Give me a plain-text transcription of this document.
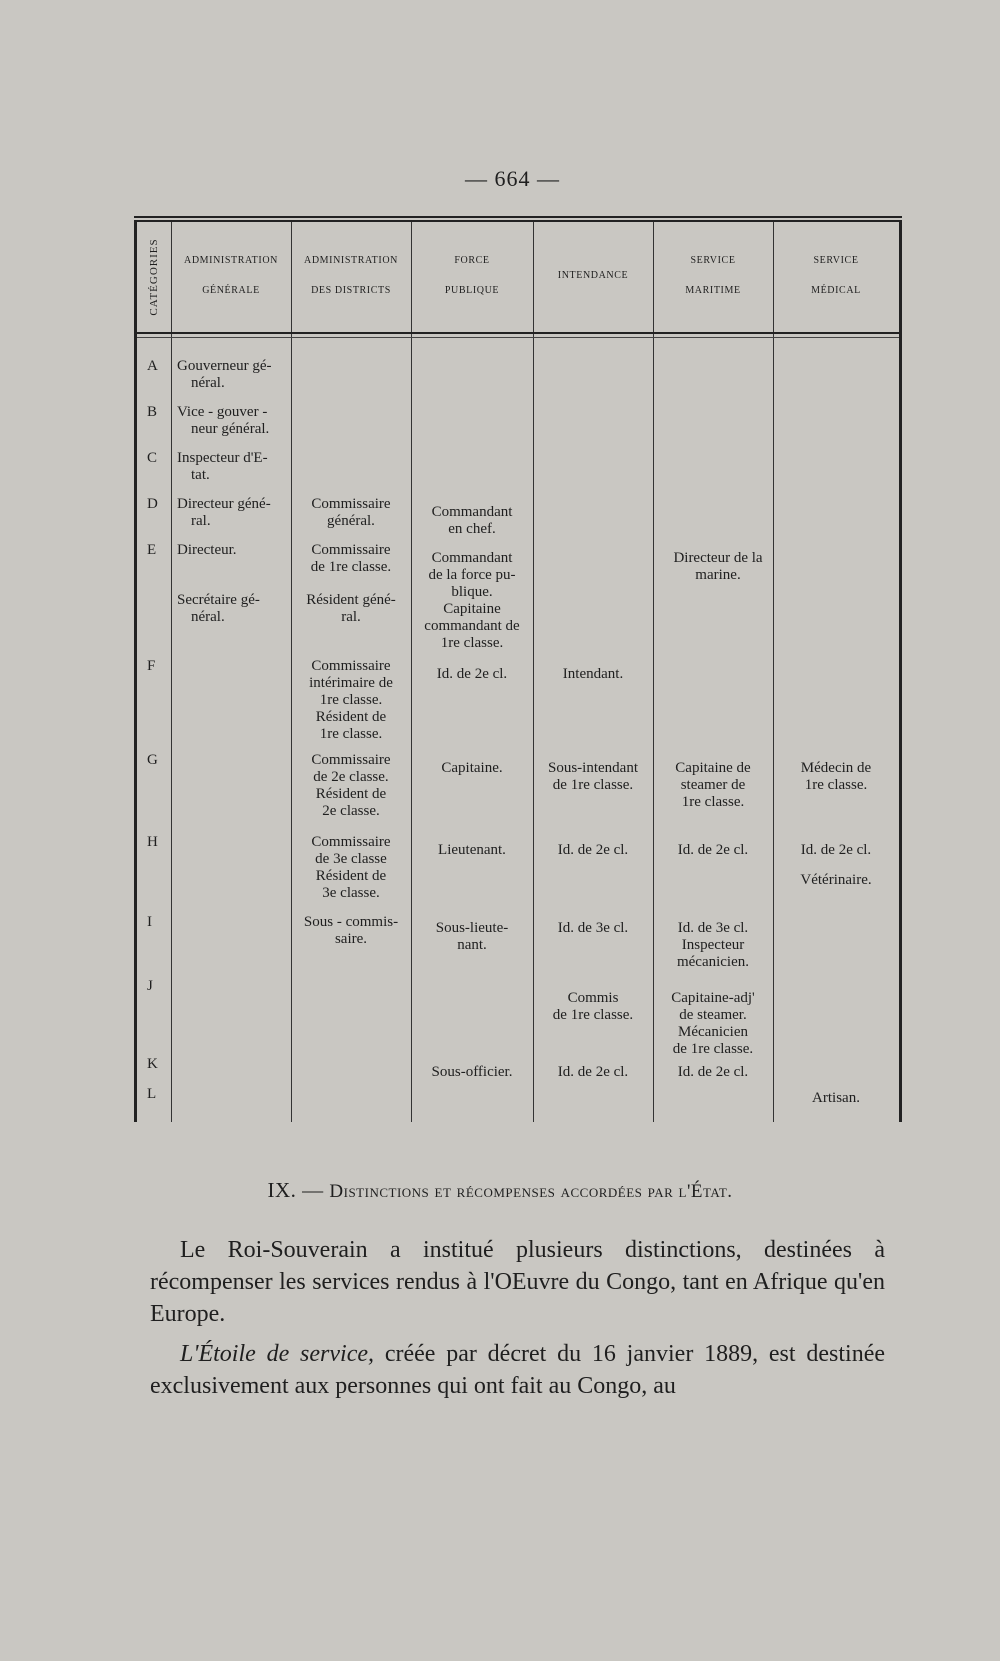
— 664 —
CATÉGORIES	ADMINISTRATION
GÉNÉRALE
ADMINISTRATION
DES DISTRICTS
FORCE
PUBLIQUE
INTENDANCE
SERVICE
MARITIME
SERVICE
MÉDICAL
A
B
C
D
E
F
G
H
I
J
K
L
Gouverneur gé-
néral.
Vice - gouver -
neur général.
Inspecteur d'E-
tat.
Directeur géné-
ral.
Directeur.
Secrétaire gé-
néral.
Commissaire
général.
Commissaire
de 1re classe.
Résident géné-
ral.
Commissaire
intérimaire de
1re classe.
Résident de
1re classe.
Commissaire
de 2e classe.
Résident de
2e classe.
Commissaire
de 3e classe
Résident de
3e classe.
Sous - commis-
saire.
Commandant
en chef.
Commandant
de la force pu-
blique.
Capitaine
commandant de
1re classe.
Id. de 2e cl.
Capitaine.
Lieutenant.
Sous-lieute-
nant.
Sous-officier.
Intendant.
Sous-intendant
de 1re classe.
Id. de 2e cl.
Id. de 3e cl.
Commis
de 1re classe.
Id. de 2e cl.
Directeur de la
marine.
Capitaine de
steamer de
1re classe.
Id. de 2e cl.
Id. de 3e cl.
Inspecteur
mécanicien.
Capitaine-adj'
de steamer.
Mécanicien
de 1re classe.
Id. de 2e cl.
Médecin de
1re classe.
Id. de 2e cl.
Vétérinaire.
Artisan.
IX. — Distinctions et récompenses accordées par l'État.
Le Roi-Souverain a institué plusieurs distinctions, destinées à récompenser les services rendus à l'OEuvre du Congo, tant en Afrique qu'en Europe.
L'Étoile de service, créée par décret du 16 janvier 1889, est destinée exclusivement aux personnes qui ont fait au Congo, au
